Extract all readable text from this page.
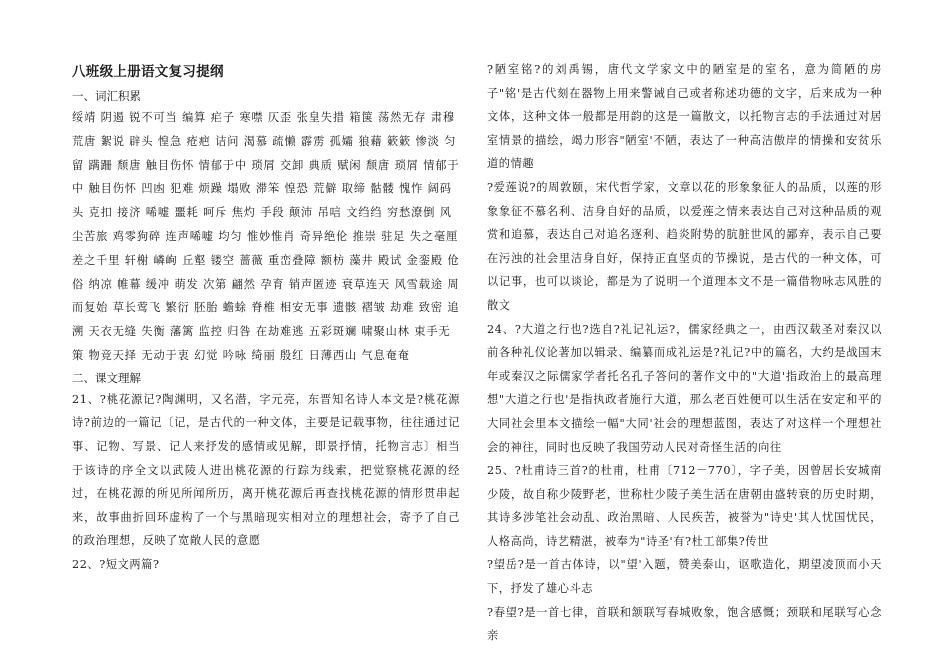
八班级上册语文复习提纲
一、词汇积累
绥靖 阴遏 锐不可当 编算 疟子 寒噤 仄歪 张皇失措 箱箧 荡然无存 肃穆 荒唐 絮说 辟头 惶急 疮疤 诘问 渴慕 疏懒 霹雳 孤孀 狼藉 簌簌 惨淡 匀留 蹒跚 颓唐 触目伤怀 情郁于中 琐屑 交卸 典质 赋闲 颓唐 琐屑 情郁于中 触目伤怀 凹凼 犯难 烦躁 塌败 滞笨 惶恐 荒僻 取缔 骷髅 愧怍 阔码头 克扣 接济 唏嘘 噩耗 呵斥 焦灼 手段 颠沛 吊唁 文绉绉 穷愁潦倒 风尘苦旅 鸡零狗碎 连声唏嘘 均匀 惟妙惟肖 奇异绝伦 推崇 驻足 失之毫厘 差之千里 轩榭 嶙峋 丘壑 镂空 蔷薇 重峦叠障 额枋 藻井 殿试 金銮殿 伧俗 纳凉 帷幕 缓冲 萌发 次第 翩然 孕育 销声匿迹 衰草连天 风雪载途 周而复始 草长莺飞 繁衍 胚胎 蟾蜍 脊椎 相安无事 遗骸 褶皱 劫难 致密 追溯 天衣无缝 失衡 藩篱 监控 归咎 在劫难逃 五彩斑斓 啸聚山林 束手无策 物竞天择 无动于衷 幻觉 吟咏 绮丽 殷红 日薄西山 气息奄奄
二、课文理解
21、?桃花源记?陶渊明，又名潜，字元亮，东晋知名诗人本文是?桃花源诗?前边的一篇记〔记，是古代的一种文体，主要是记载事物，往往通过记事、记物、写景、记人来抒发的感情或见解，即景抒情，托物言志〕相当于该诗的序全文以武陵人进出桃花源的行踪为线索，把觉察桃花源的经过，在桃花源的所见所闻所历，离开桃花源后再查找桃花源的情形贯串起来，故事曲折回环虚构了一个与黑暗现实相对立的理想社会，寄予了自己的政治理想，反映了宽敞人民的意愿
22、?短文两篇?
?陋室铭?的刘禹锡，唐代文学家文中的陋室是的室名，意为简陋的房子"铭'是古代刻在器物上用来警诫自己或者称述功德的文字，后来成为一种文体，这种文体一般都是用韵的这是一篇散文，以托物言志的手法通过对居室情景的描绘，竭力形容"陋室'不陋，表达了一种高洁傲岸的情操和安贫乐道的情趣
?爱莲说?的周敦颐，宋代哲学家，文章以花的形象象征人的品质，以莲的形象象征不慕名利、洁身自好的品质，以爱莲之情来表达自己对这种品质的观赏和追慕，表达自己对追名逐利、趋炎附势的肮脏世风的鄙弃，表示自己要在污浊的社会里洁身自好，保持正直坚贞的节操说，是古代的一种文体，可以记事，也可以谈论，都是为了说明一个道理本文不是一篇借物咏志风胜的散文
24、?大道之行也?选自?礼记礼运?，儒家经典之一，由西汉载圣对秦汉以前各种礼仪论著加以辑录、编纂而成礼运是?礼记?中的篇名，大约是战国末年或秦汉之际儒家学者托名孔子答问的著作文中的"大道'指政治上的最高理想"大道之行也'是指执政者施行大道，那么老百姓便可以生活在安定和平的大同社会里本文描绘一幅"大同'社会的理想蓝图，表达了对这样一个理想社会的神往，同时也反映了我国劳动人民对奇怪生活的向往
25、?杜甫诗三首?的杜甫，杜甫〔712－770〕，字子美，因曾居长安城南少陵，故自称少陵野老，世称杜少陵子美生活在唐朝由盛转衰的历史时期，其诗多涉笔社会动乱、政治黑暗、人民疾苦，被誉为"诗史'其人忧国忧民，人格高尚，诗艺精湛，被奉为"诗圣'有?杜工部集?传世
?望岳?是一首古体诗，以"望'入题，赞美泰山，讴歌造化，期望凌顶而小天下，抒发了雄心斗志
?春望?是一首七律，首联和颔联写春城败象，饱含感慨；颈联和尾联写心念亲
